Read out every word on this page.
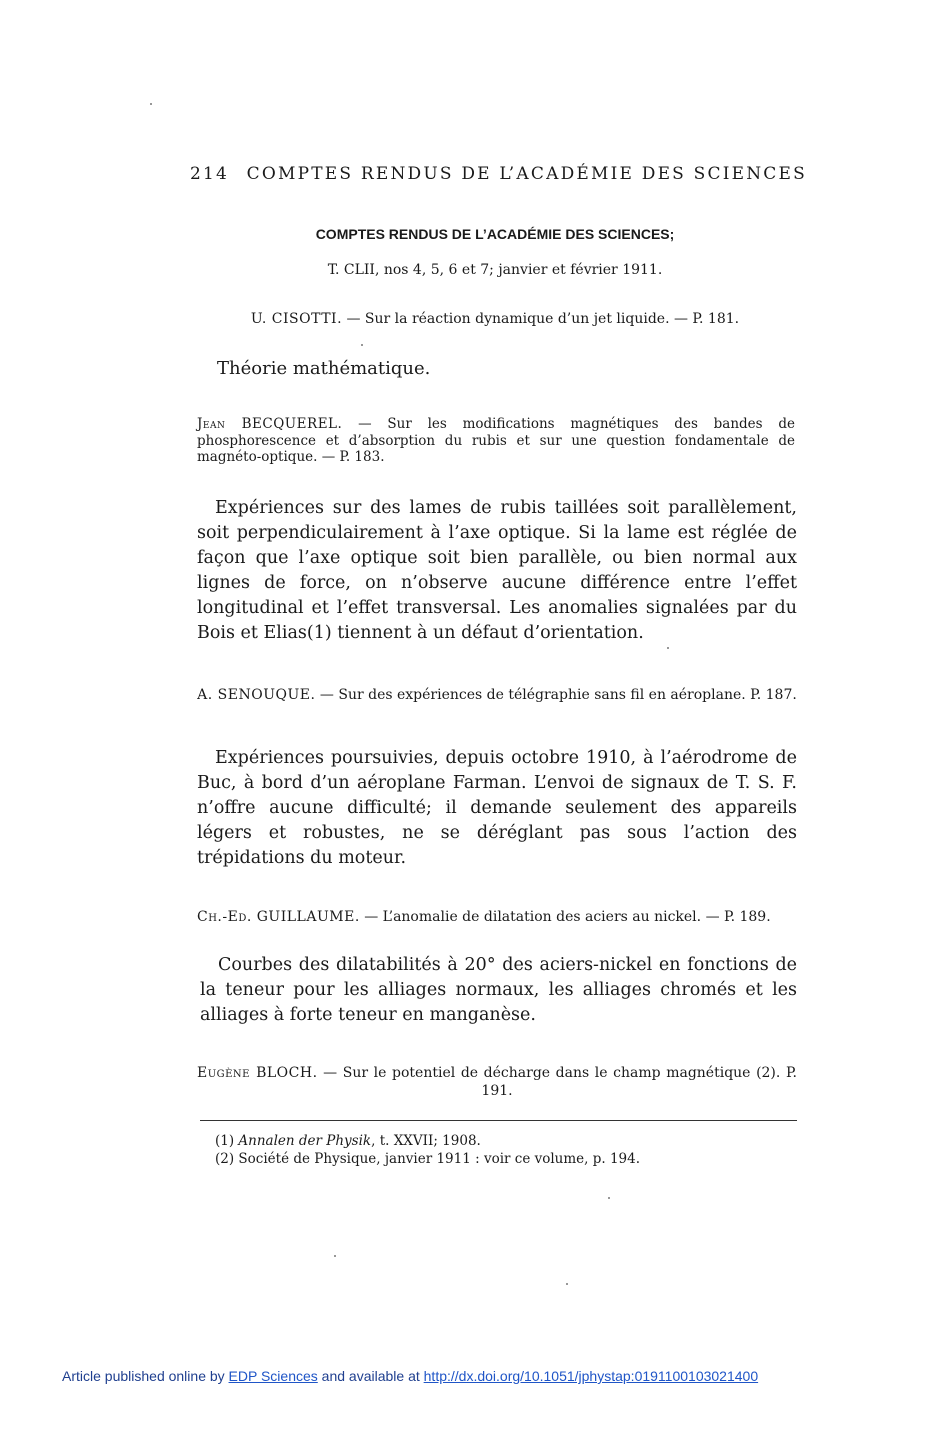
214 COMPTES RENDUS DE L’ACADÉMIE DES SCIENCES
COMPTES RENDUS DE L’ACADÉMIE DES SCIENCES;
T. CLII, nos 4, 5, 6 et 7; janvier et février 1911.
U. CISOTTI. — Sur la réaction dynamique d’un jet liquide. — P. 181.
Théorie mathématique.
Jean BECQUEREL. — Sur les modifications magnétiques des bandes de phosphorescence et d’absorption du rubis et sur une question fondamentale de magnéto-optique. — P. 183.
Expériences sur des lames de rubis taillées soit parallèlement, soit perpendiculairement à l’axe optique. Si la lame est réglée de façon que l’axe optique soit bien parallèle, ou bien normal aux lignes de force, on n’observe aucune différence entre l’effet longitudinal et l’effet transversal. Les anomalies signalées par du Bois et Elias(1) tiennent à un défaut d’orientation.
A. SENOUQUE. — Sur des expériences de télégraphie sans fil en aéroplane. P. 187.
Expériences poursuivies, depuis octobre 1910, à l’aérodrome de Buc, à bord d’un aéroplane Farman. L’envoi de signaux de T. S. F. n’offre aucune difficulté; il demande seulement des appareils légers et robustes, ne se déréglant pas sous l’action des trépidations du moteur.
Ch.-Ed. GUILLAUME. — L’anomalie de dilatation des aciers au nickel. — P. 189.
Courbes des dilatabilités à 20° des aciers-nickel en fonctions de la teneur pour les alliages normaux, les alliages chromés et les alliages à forte teneur en manganèse.
Eugène BLOCH. — Sur le potentiel de décharge dans le champ magnétique (2). P. 191.
(1) Annalen der Physik, t. XXVII; 1908.
(2) Société de Physique, janvier 1911 : voir ce volume, p. 194.
Article published online by EDP Sciences and available at http://dx.doi.org/10.1051/jphystap:0191100103021400
